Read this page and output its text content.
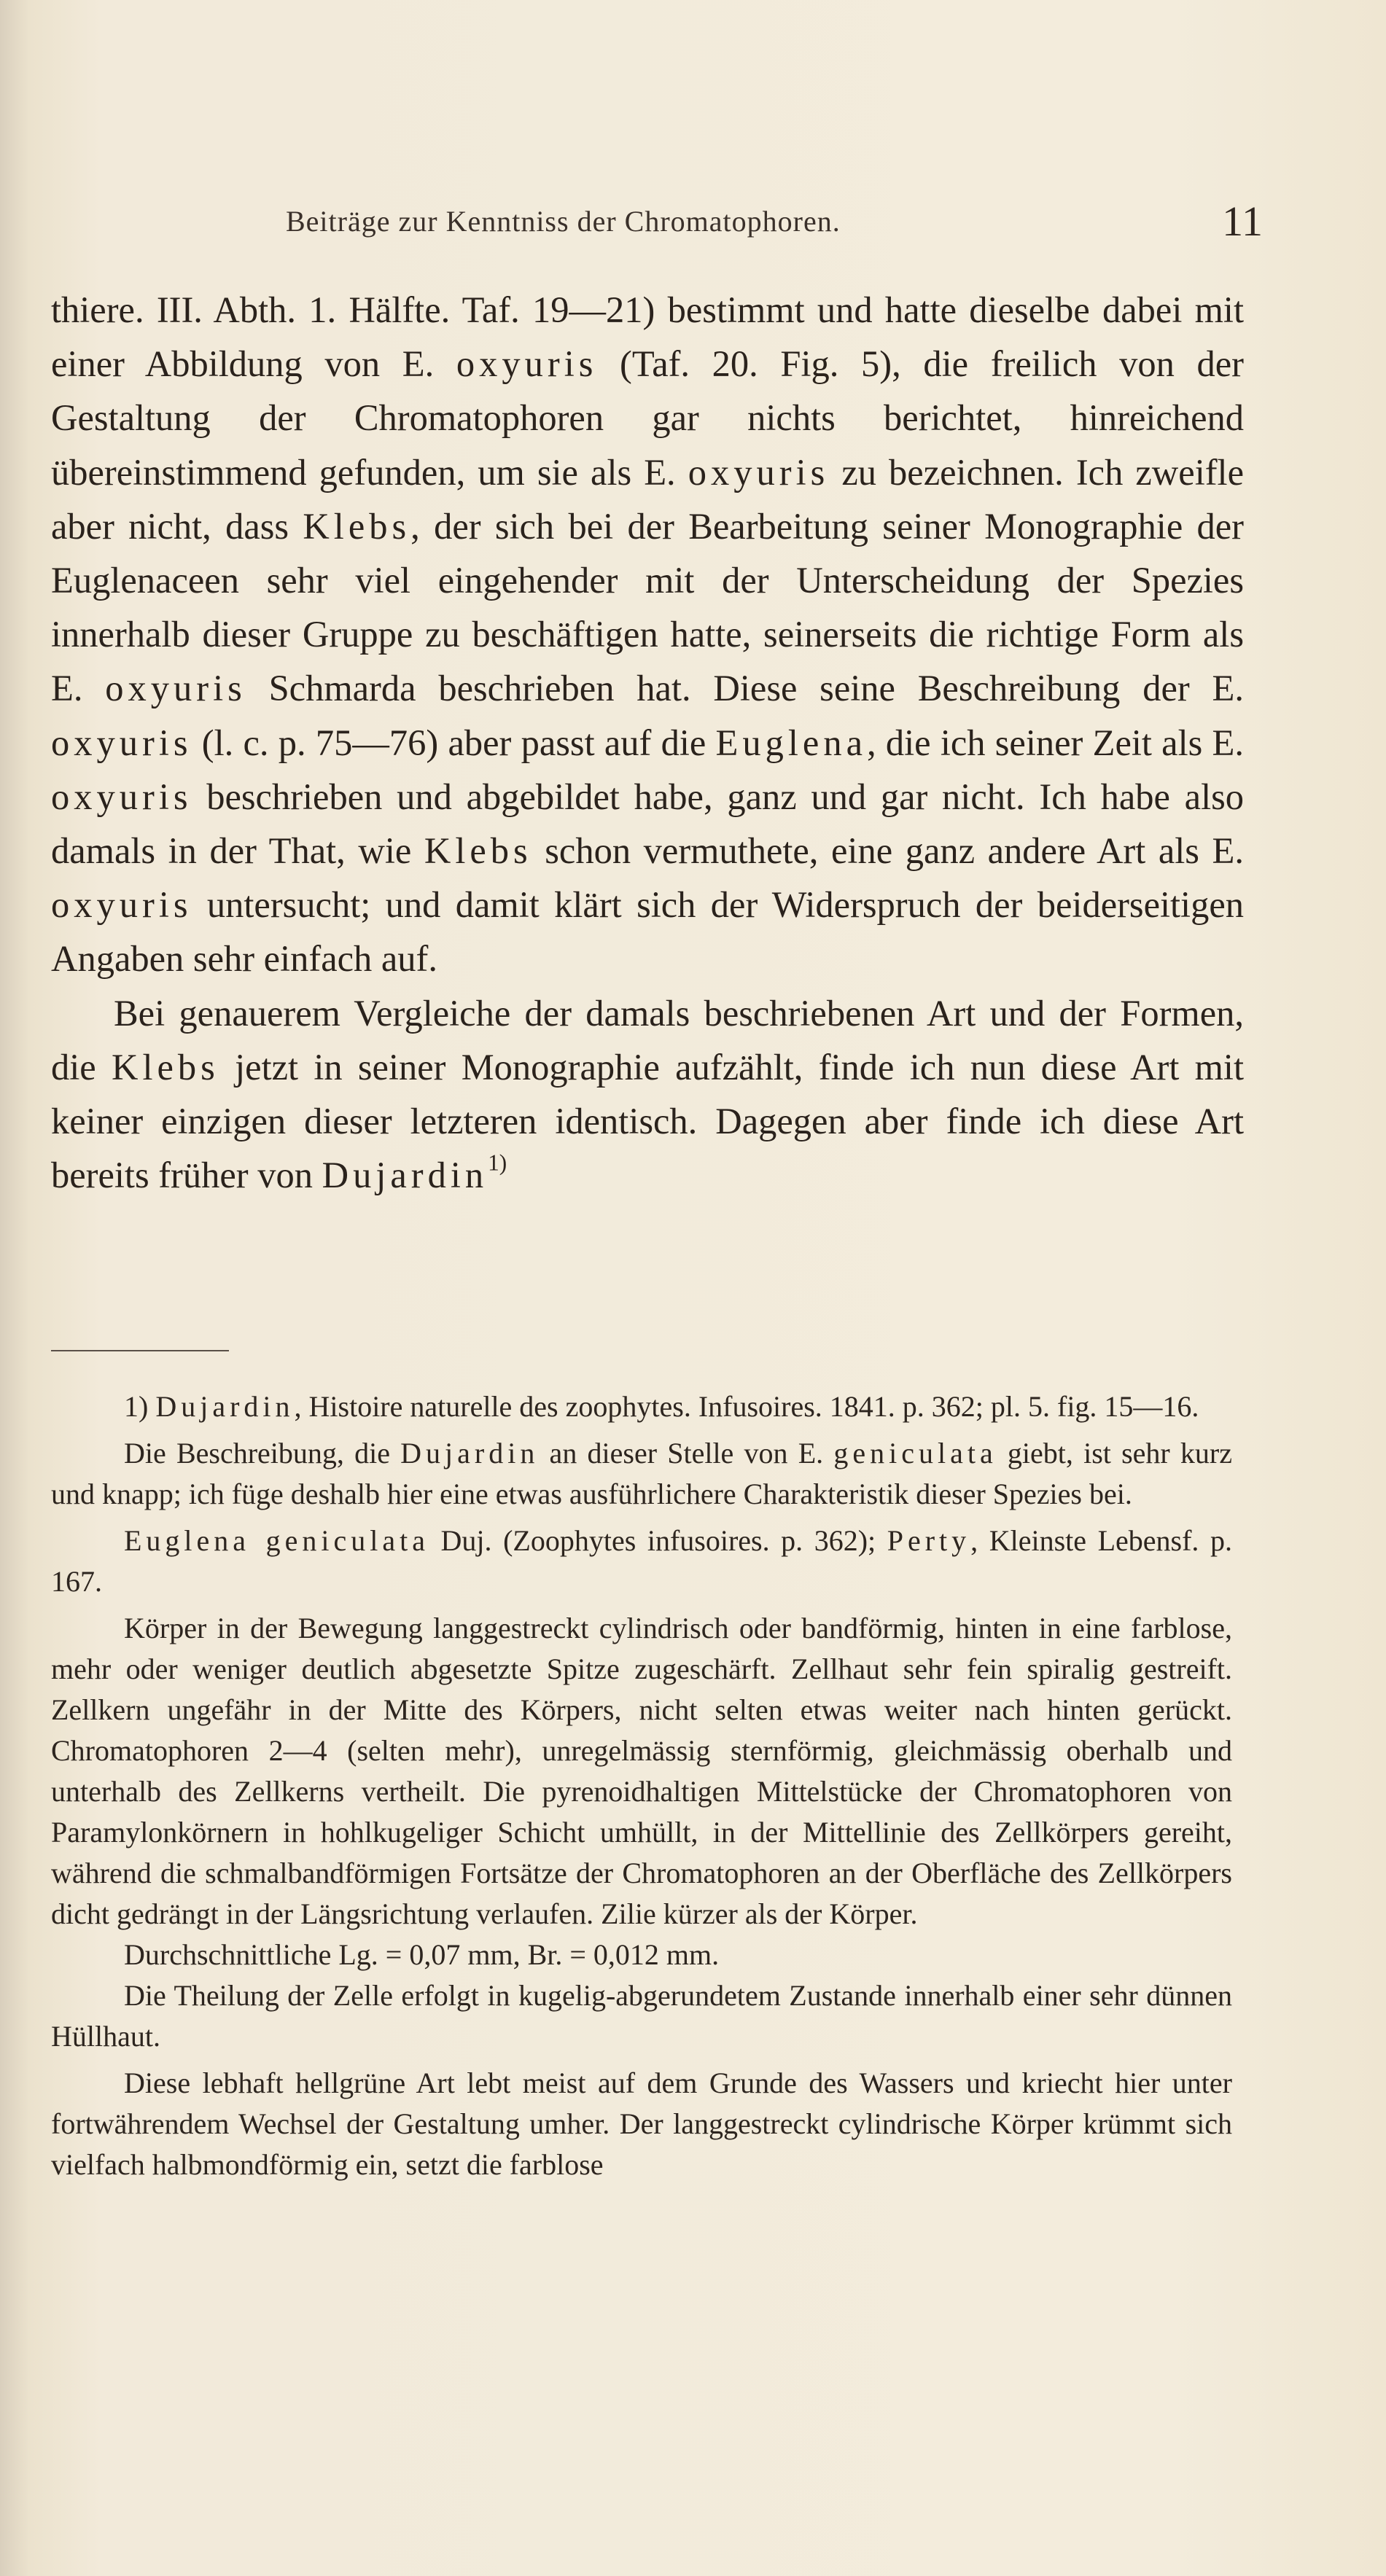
Beiträge zur Kenntniss der Chromatophoren.	11

thiere. III. Abth. 1. Hälfte. Taf. 19—21) bestimmt und hatte dieselbe dabei mit einer Abbildung von E. oxyuris (Taf. 20. Fig. 5), die freilich von der Gestaltung der Chromatophoren gar nichts berichtet, hinreichend übereinstimmend gefunden, um sie als E. oxyuris zu bezeichnen. Ich zweifle aber nicht, dass Klebs, der sich bei der Bearbeitung seiner Monographie der Euglenaceen sehr viel eingehender mit der Unterscheidung der Spezies innerhalb dieser Gruppe zu beschäftigen hatte, seinerseits die richtige Form als E. oxyuris Schmarda beschrieben hat. Diese seine Beschreibung der E. oxyuris (l. c. p. 75—76) aber passt auf die Euglena, die ich seiner Zeit als E. oxyuris beschrieben und abgebildet habe, ganz und gar nicht. Ich habe also damals in der That, wie Klebs schon vermuthete, eine ganz andere Art als E. oxyuris untersucht; und damit klärt sich der Widerspruch der beiderseitigen Angaben sehr einfach auf.

Bei genauerem Vergleiche der damals beschriebenen Art und der Formen, die Klebs jetzt in seiner Monographie aufzählt, finde ich nun diese Art mit keiner einzigen dieser letzteren identisch. Dagegen aber finde ich diese Art bereits früher von Dujardin$^{1)}$

1) Dujardin, Histoire naturelle des zoophytes. Infusoires. 1841. p. 362; pl. 5. fig. 15—16.

Die Beschreibung, die Dujardin an dieser Stelle von E. geniculata giebt, ist sehr kurz und knapp; ich füge deshalb hier eine etwas ausführlichere Charakteristik dieser Spezies bei.

Euglena geniculata Duj. (Zoophytes infusoires. p. 362); Perty, Kleinste Lebensf. p. 167.

Körper in der Bewegung langgestreckt cylindrisch oder bandförmig, hinten in eine farblose, mehr oder weniger deutlich abgesetzte Spitze zugeschärft. Zellhaut sehr fein spiralig gestreift. Zellkern ungefähr in der Mitte des Körpers, nicht selten etwas weiter nach hinten gerückt. Chromatophoren 2—4 (selten mehr), unregelmässig sternförmig, gleichmässig oberhalb und unterhalb des Zellkerns vertheilt. Die pyrenoidhaltigen Mittelstücke der Chromatophoren von Paramylonkörnern in hohlkugeliger Schicht umhüllt, in der Mittellinie des Zellkörpers gereiht, während die schmalbandförmigen Fortsätze der Chromatophoren an der Oberfläche des Zellkörpers dicht gedrängt in der Längsrichtung verlaufen. Zilie kürzer als der Körper.

Durchschnittliche Lg. = 0,07 mm, Br. = 0,012 mm.

Die Theilung der Zelle erfolgt in kugelig-abgerundetem Zustande innerhalb einer sehr dünnen Hüllhaut.

Diese lebhaft hellgrüne Art lebt meist auf dem Grunde des Wassers und kriecht hier unter fortwährendem Wechsel der Gestaltung umher. Der langgestreckt cylindrische Körper krümmt sich vielfach halbmondförmig ein, setzt die farblose
